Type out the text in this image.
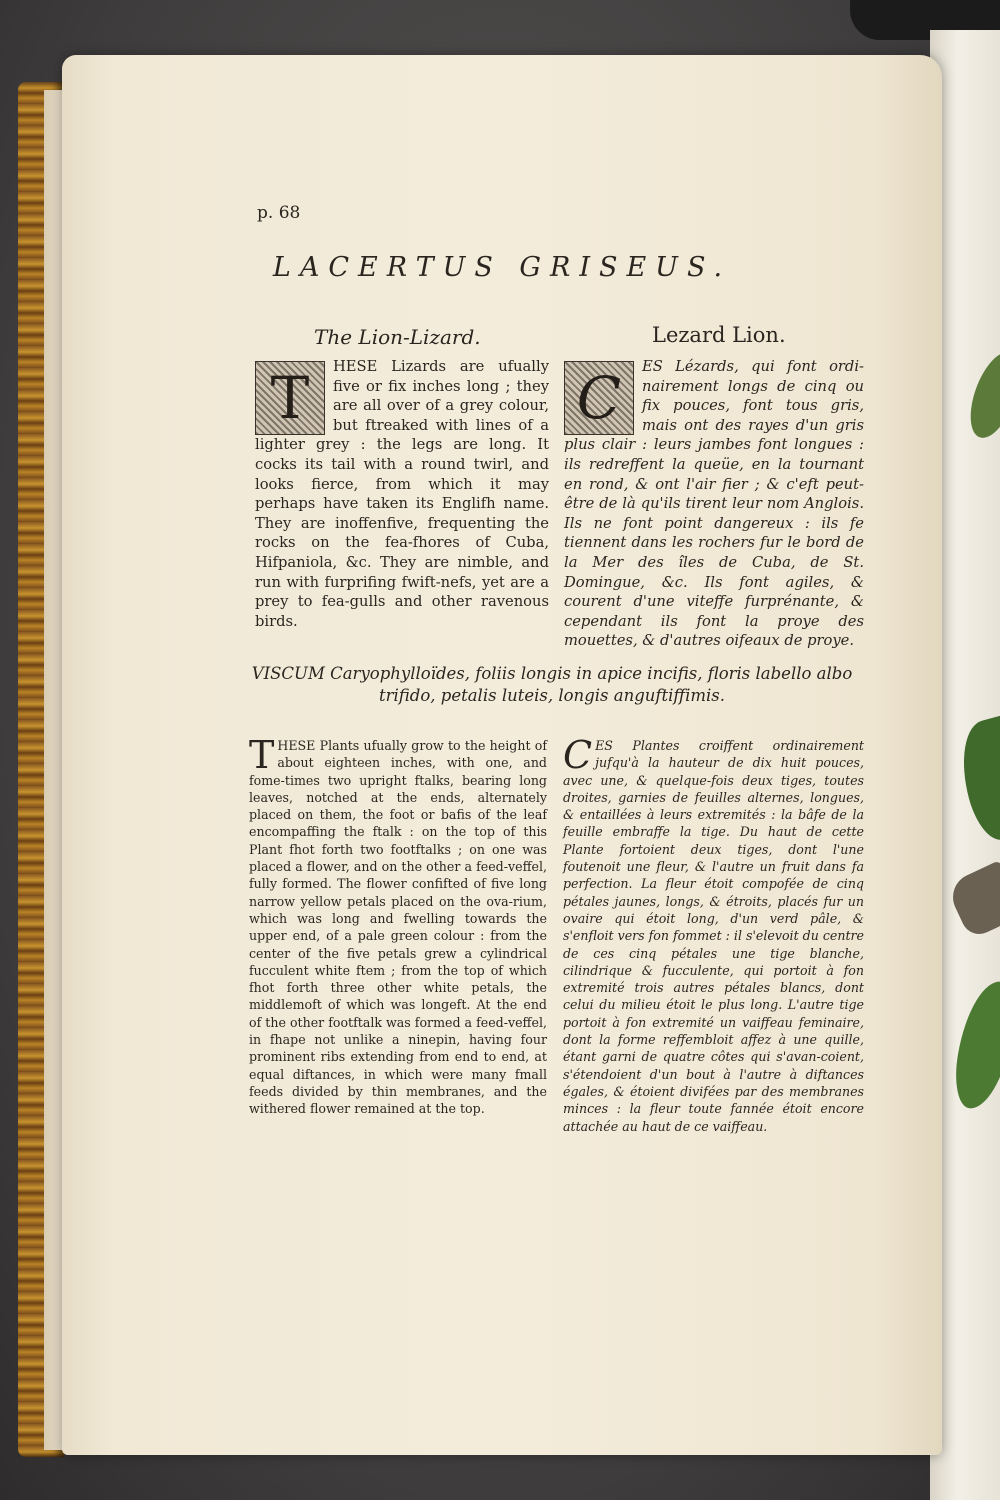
p. 68
LACERTUS GRISEUS.
The Lion-Lizard.	Lezard Lion.
T	HESE Lizards are ufually five or fix inches long ; they are all over of a grey colour, but ftreaked with lines of a lighter grey : the legs are long. It cocks its tail with a round twirl, and looks fierce, from which it may perhaps have taken its Englifh name. They are inoffenfive, frequenting the rocks on the fea-fhores of Cuba, Hifpaniola, &c. They are nimble, and run with furprifing fwift-nefs, yet are a prey to fea-gulls and other ravenous birds.
C	ES Lézards, qui font ordi-nairement longs de cinq ou fix pouces, font tous gris, mais ont des rayes d'un gris plus clair : leurs jambes font longues : ils redreffent la queüe, en la tournant en rond, & ont l'air fier ; & c'eft peut-être de là qu'ils tirent leur nom Anglois. Ils ne font point dangereux : ils fe tiennent dans les rochers fur le bord de la Mer des îles de Cuba, de St. Domingue, &c. Ils font agiles, & courent d'une viteffe furprénante, & cependant ils font la proye des mouettes, & d'autres oifeaux de proye.
VISCUM Caryophylloïdes, foliis longis in apice incifis, floris labello albo trifido, petalis luteis, longis anguftiffimis.
T HESE Plants ufually grow to the height of about eighteen inches, with one, and fome-times two upright ftalks, bearing long leaves, notched at the ends, alternately placed on them, the foot or bafis of the leaf encompaffing the ftalk : on the top of this Plant fhot forth two footftalks ; on one was placed a flower, and on the other a feed-veffel, fully formed. The flower confifted of five long narrow yellow petals placed on the ova-rium, which was long and fwelling towards the upper end, of a pale green colour : from the center of the five petals grew a cylindrical fucculent white ftem ; from the top of which fhot forth three other white petals, the middlemoft of which was longeft. At the end of the other footftalk was formed a feed-veffel, in fhape not unlike a ninepin, having four prominent ribs extending from end to end, at equal diftances, in which were many fmall feeds divided by thin membranes, and the withered flower remained at the top.
C ES Plantes croiffent ordinairement jufqu'à la hauteur de dix huit pouces, avec une, & quelque-fois deux tiges, toutes droites, garnies de feuilles alternes, longues, & entaillées à leurs extremités : la bâfe de la feuille embraffe la tige. Du haut de cette Plante fortoient deux tiges, dont l'une foutenoit une fleur, & l'autre un fruit dans fa perfection. La fleur étoit compofée de cinq pétales jaunes, longs, & étroits, placés fur un ovaire qui étoit long, d'un verd pâle, & s'enfloit vers fon fommet : il s'elevoit du centre de ces cinq pétales une tige blanche, cilindrique & fucculente, qui portoit à fon extremité trois autres pétales blancs, dont celui du milieu étoit le plus long. L'autre tige portoit à fon extremité un vaiffeau feminaire, dont la forme reffembloit affez à une quille, étant garni de quatre côtes qui s'avan-coient, s'étendoient d'un bout à l'autre à diftances égales, & étoient divifées par des membranes minces : la fleur toute fannée étoit encore attachée au haut de ce vaiffeau.
